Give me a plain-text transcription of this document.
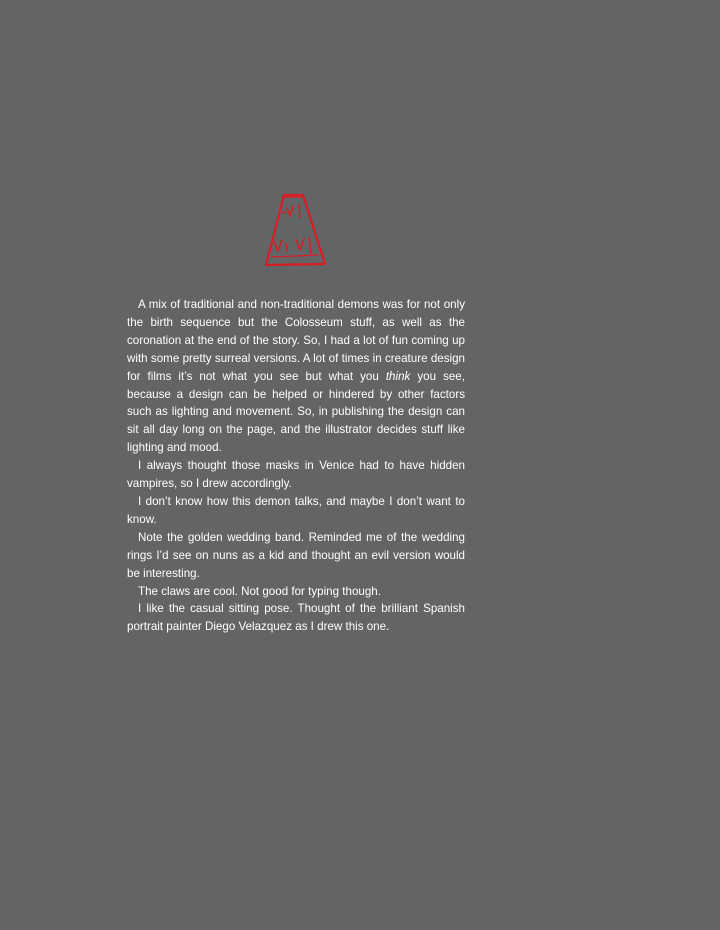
A mix of traditional and non-traditional demons was for not only the birth sequence but the Colosseum stuff, as well as the coronation at the end of the story. So, I had a lot of fun coming up with some pretty surreal versions. A lot of times in creature design for films it’s not what you see but what you think you see, because a design can be helped or hindered by other factors such as lighting and movement. So, in publishing the design can sit all day long on the page, and the illustrator decides stuff like lighting and mood.

I always thought those masks in Venice had to have hidden vampires, so I drew accordingly.

I don’t know how this demon talks, and maybe I don’t want to know.

Note the golden wedding band. Reminded me of the wedding rings I’d see on nuns as a kid and thought an evil version would be interesting.

The claws are cool. Not good for typing though.

I like the casual sitting pose. Thought of the brilliant Spanish portrait painter Diego Velazquez as I drew this one.
